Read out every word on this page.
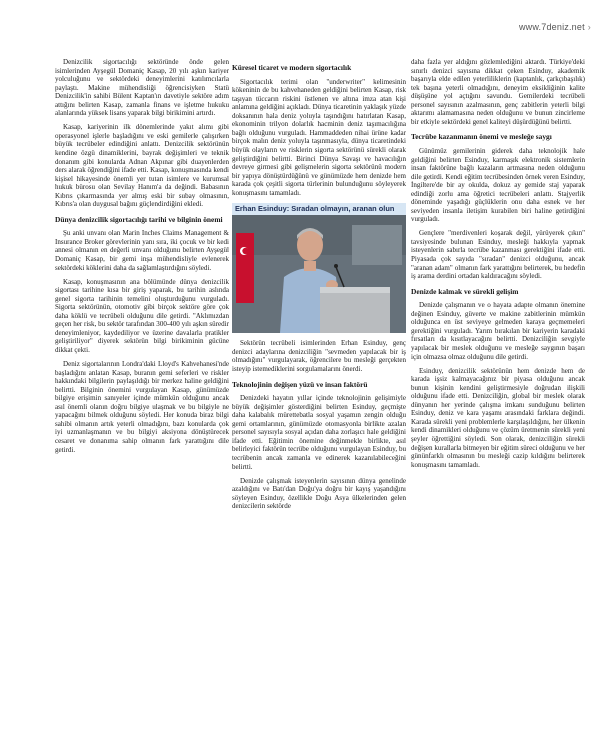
www.7deniz.net ›

Denizcilik sigortacılığı sektöründe önde gelen isimlerinden Ayşegül Domaniç Kasap, 20 yılı aşkın kariyer yolculuğunu ve sektördeki deneyimlerini katılımcılarla paylaştı. Makine mühendisliği öğrencisiyken Statü Denizcilik'in sahibi Bülent Kaptan'ın davetiyle sektöre adım attığını belirten Kasap, zamanla finans ve işletme hukuku alanlarında yüksek lisans yaparak bilgi birikimini artırdı.

Kasap, kariyerinin ilk dönemlerinde yakıt alımı gibi operasyonel işlerle başladığını ve eski gemilerle çalışırken büyük tecrübeler edindiğini anlattı. Denizcilik sektörünün kendine özgü dinamiklerini, bayrak değişimleri ve teknik donanım gibi konularda Adnan Akpınar gibi duayenlerden ders alarak öğrendiğini ifade etti. Kasap, konuşmasında kendi kişisel hikayesinde önemli yer tutan isimlere ve kurumsal hukuk bürosu olan Sevilay Hanım'a da değindi. Babasının Kıbrıs çıkarmasında yer almış eski bir subay olmasının, Kıbrıs'a olan duygusal bağını güçlendirdiğini ekledi.

Dünya denizcilik sigortacılığı tarihi ve bilginin önemi

Şu anki unvanı olan Marin Inches Claims Management & Insurance Broker görevlerinin yanı sıra, iki çocuk ve bir kedi annesi olmanın en değerli unvanı olduğunu belirten Ayşegül Domaniç Kasap, bir gemi inşa mühendisliyle evlenerek sektördeki köklerini daha da sağlamlaştırdığını söyledi.

Kasap, konuşmasının ana bölümünde dünya denizcilik sigortası tarihine kısa bir giriş yaparak, bu tarihin aslında genel sigorta tarihinin temelini oluşturduğunu vurguladı. Sigorta sektörünün, otomotiv gibi birçok sektöre göre çok daha köklü ve tecrübeli olduğunu dile getirdi. "Aklımızdan geçen her risk, bu sektör tarafından 300-400 yılı aşkın süredir deneyimleniyor, kaydediliyor ve üzerine davalarla pratikler geliştiriliyor" diyerek sektörün bilgi birikiminin gücüne dikkat çekti.

Deniz sigortalarının Londra'daki Lloyd's Kahvehanesi'nde başladığını anlatan Kasap, buranın gemi seferleri ve riskler hakkındaki bilgilerin paylaşıldığı bir merkez haline geldiğini belirtti. Bilginin önemini vurgulayan Kasap, günümüzde bilgiye erişimin sanıyeler içinde mümkün olduğunu ancak asıl önemli olanın doğru bilgiye ulaşmak ve bu bilgiyle ne yapacağını bilmek olduğunu söyledi. Her konuda biraz bilgi sahibi olmanın artık yeterli olmadığını, bazı konularda çok iyi uzmanlaşmanın ve bu bilgiyi aksiyona dönüştürecek cesaret ve donanıma sahip olmanın fark yarattığını dile getirdi.

Küresel ticaret ve modern sigortacılık

Sigortacılık terimi olan "underwriter" kelimesinin kökeninin de bu kahvehaneden geldiğini belirten Kasap, risk taşıyan tüccarın riskini üstlenen ve altına imza atan kişi anlamına geldiğini açıkladı. Dünya ticaretinin yaklaşık yüzde doksanının hala deniz yoluyla taşındığını hatırlatan Kasap, ekonominin trilyon dolarlık hacminin deniz taşımacılığına bağlı olduğunu vurguladı. Hammaddeden nihai ürüne kadar birçok malın deniz yoluyla taşınmasıyla, dünya ticaretindeki büyük olayların ve risklerin sigorta sektörünü sürekli olarak geliştirdiğini belirtti. Birinci Dünya Savaşı ve havacılığın devreye girmesi gibi gelişmelerin sigorta sektörünü modern bir yapıya dönüştürdüğünü ve günümüzde hem denizde hem karada çok çeşitli sigorta türlerinin bulunduğunu söyleyerek konuşmasını tamamladı.

Erhan Esinduy: Sıradan olmayın, aranan olun

Sektörün tecrübeli isimlerinden Erhan Esinduy, genç denizci adaylarına denizciliğin "sevmeden yapılacak bir iş olmadığını" vurgulayarak, öğrencilere bu mesleği gerçekten isteyip istemediklerini sorgulamalarını önerdi.

Teknolojinin değişen yüzü ve insan faktörü

Denizdeki hayatın yıllar içinde teknolojinin gelişimiyle büyük değişimler gösterdiğini belirten Esinduy, geçmişte daha kalabalık mürettebatla sosyal yaşamın zengin olduğu gemi ortamlarının, günümüzde otomasyonla birlikte azalan personel sayısıyla sosyal açıdan daha zorlaşıcı hale geldiğini ifade etti. Eğitimin önemine değinmekle birlikte, asıl belirleyici faktörün tecrübe olduğunu vurgulayan Esinduy, bu tecrübenin ancak zamanla ve edinerek kazanılabileceğini belirtti.

Denizde çalışmak isteyenlerin sayısının dünya genelinde azaldığını ve Batı'dan Doğu'ya doğru bir kayış yaşandığını söyleyen Esinduy, özellikle Doğu Asya ülkelerinden gelen denizcilerin sektörde

daha fazla yer aldığını gözlemlediğini aktardı. Türkiye'deki sınırlı denizci sayısına dikkat çeken Esinduy, akademik başarıyla elde edilen yeterliliklerin (kaptanlık, çarkçıbaşılık) tek başına yeterli olmadığını, deneyim eksikliğinin kalite düşüşüne yol açtığını savundu. Gemilerdeki tecrübeli personel sayısının azalmasının, genç zabitlerin yeterli bilgi aktarımı alamamasına neden olduğunu ve bunun zincirleme bir etkiyle sektördeki genel kaliteyi düşürdüğünü belirtti.

Tecrübe kazanmanın önemi ve mesleğe saygı

Günümüz gemilerinin giderek daha teknolojik hale geldiğini belirten Esinduy, karmaşık elektronik sistemlerin insan faktörüne bağlı kazaların artmasına neden olduğunu dile getirdi. Kendi eğitim tecrübesinden örnek veren Esinduy, İngiltere'de bir ay okulda, dokuz ay gemide staj yaparak edindiği zorlu ama öğretici tecrübeleri anlattı. Stajyerlik döneminde yaşadığı güçlüklerin onu daha esnek ve her seviyeden insanla iletişim kurabilen biri haline getirdiğini vurguladı.

Gençlere "merdivenleri koşarak değil, yürüyerek çıkın" tavsiyesinde bulunan Esinduy, mesleği hakkıyla yapmak isteyenlerin sabırla tecrübe kazanması gerektiğini ifade etti. Piyasada çok sayıda "sıradan" denizci olduğunu, ancak "aranan adam" olmanın fark yarattığını belirterek, bu hedefin iş arama derdini ortadan kaldıracağını söyledi.

Denizde kalmak ve sürekli gelişim

Denizde çalışmanın ve o hayata adapte olmanın önemine değinen Esinduy, güverte ve makine zabitlerinin mümkün olduğunca en üst seviyeye gelmeden karaya geçmemeleri gerektiğini vurguladı. Yarım bırakılan bir kariyerin karadaki fırsatları da kısıtlayacağını belirtti. Denizciliğin sevgiyle yapılacak bir meslek olduğunu ve mesleğe saygının başarı için olmazsa olmaz olduğunu dile getirdi.

Esinduy, denizcilik sektörünün hem denizde hem de karada işsiz kalmayacağınız bir piyasa olduğunu ancak bunun kişinin kendini geliştirmesiyle doğrudan ilişkili olduğunu ifade etti. Denizciliğin, global bir meslek olarak dünyanın her yerinde çalışma imkanı sunduğunu belirten Esinduy, deniz ve kara yaşamı arasındaki farklara değindi. Karada sürekli yeni problemlerle karşılaşıldığını, her ülkenin kendi dinamikleri olduğunu ve çözüm üretmenin sürekli yeni şeyler öğrettiğini söyledi. Son olarak, denizciliğin sürekli değişen kurallarla bitmeyen bir eğitim süreci olduğunu ve her gününfarklı olmasının bu mesleği cazip kıldığını belirterek konuşmasını tamamladı.
